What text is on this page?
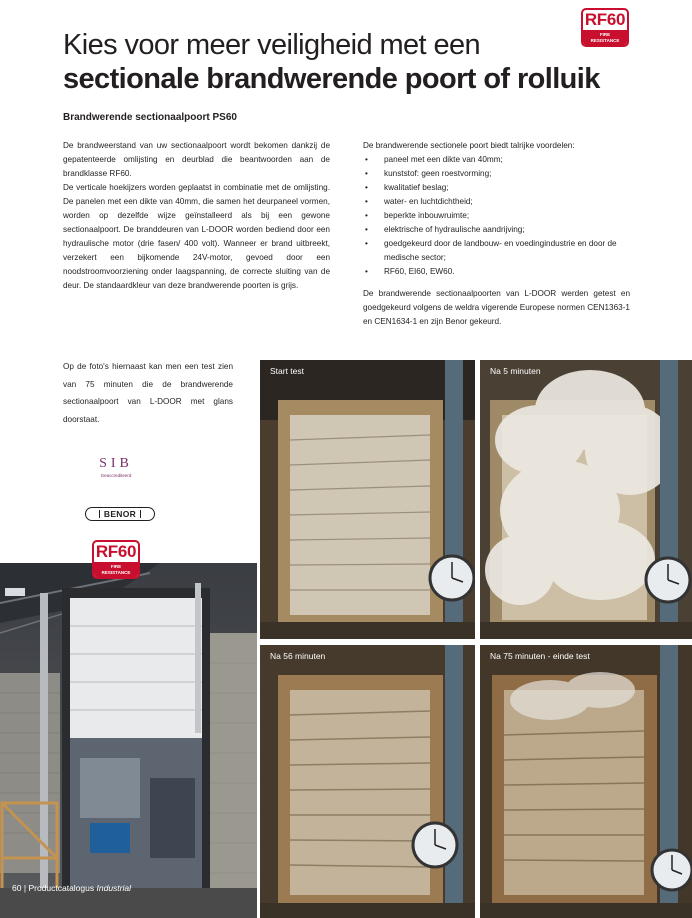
RF60
FIRE
RESISTANCE
Kies voor meer veiligheid met een
sectionale brandwerende poort of rolluik
Brandwerende sectionaalpoort PS60

De brandweerstand van uw sectionaalpoort wordt bekomen dankzij de gepatenteerde omlijsting en deurblad die beantwoorden aan de brandklasse RF60.

De verticale hoekijzers worden geplaatst in combinatie met de omlijsting. De panelen met een dikte van 40mm, die samen het deurpaneel vormen, worden op dezelfde wijze geïnstalleerd als bij een gewone sectionaalpoort. De branddeuren van L-DOOR worden bediend door een hydraulische motor (drie fasen/ 400 volt). Wanneer er brand uitbreekt, verzekert een bijkomende 24V-motor, gevoed door een noodstroomvoorziening onder laagspanning, de correcte sluiting van de deur. De standaardkleur van deze brandwerende poorten is grijs.

De brandwerende sectionele poort biedt talrijke voordelen:

• paneel met een dikte van 40mm;
• kunststof: geen roestvorming;
• kwalitatief beslag;
• water- en luchtdichtheid;
• beperkte inbouwruimte;
• elektrische of hydraulische aandrijving;
• goedgekeurd door de landbouw- en voedingindustrie en door de medische sector;
• RF60, EI60, EW60.

De brandwerende sectionaalpoorten van L-DOOR werden getest en goedgekeurd volgens de weldra vigerende Europese normen CEN1363-1 en CEN1634-1 en zijn Benor gekeurd.

Op de foto's hiernaast kan men een test zien van 75 minuten die de brandwerende sectionaalpoort van L-DOOR met glans doorstaat.

SIB
Geaccrediteerd
BENOR
RF60
FIRE
RESISTANCE
Start test	Na 5 minuten
Na 56 minuten	Na 75 minuten - einde test
60 | Productcatalogus Industrial
